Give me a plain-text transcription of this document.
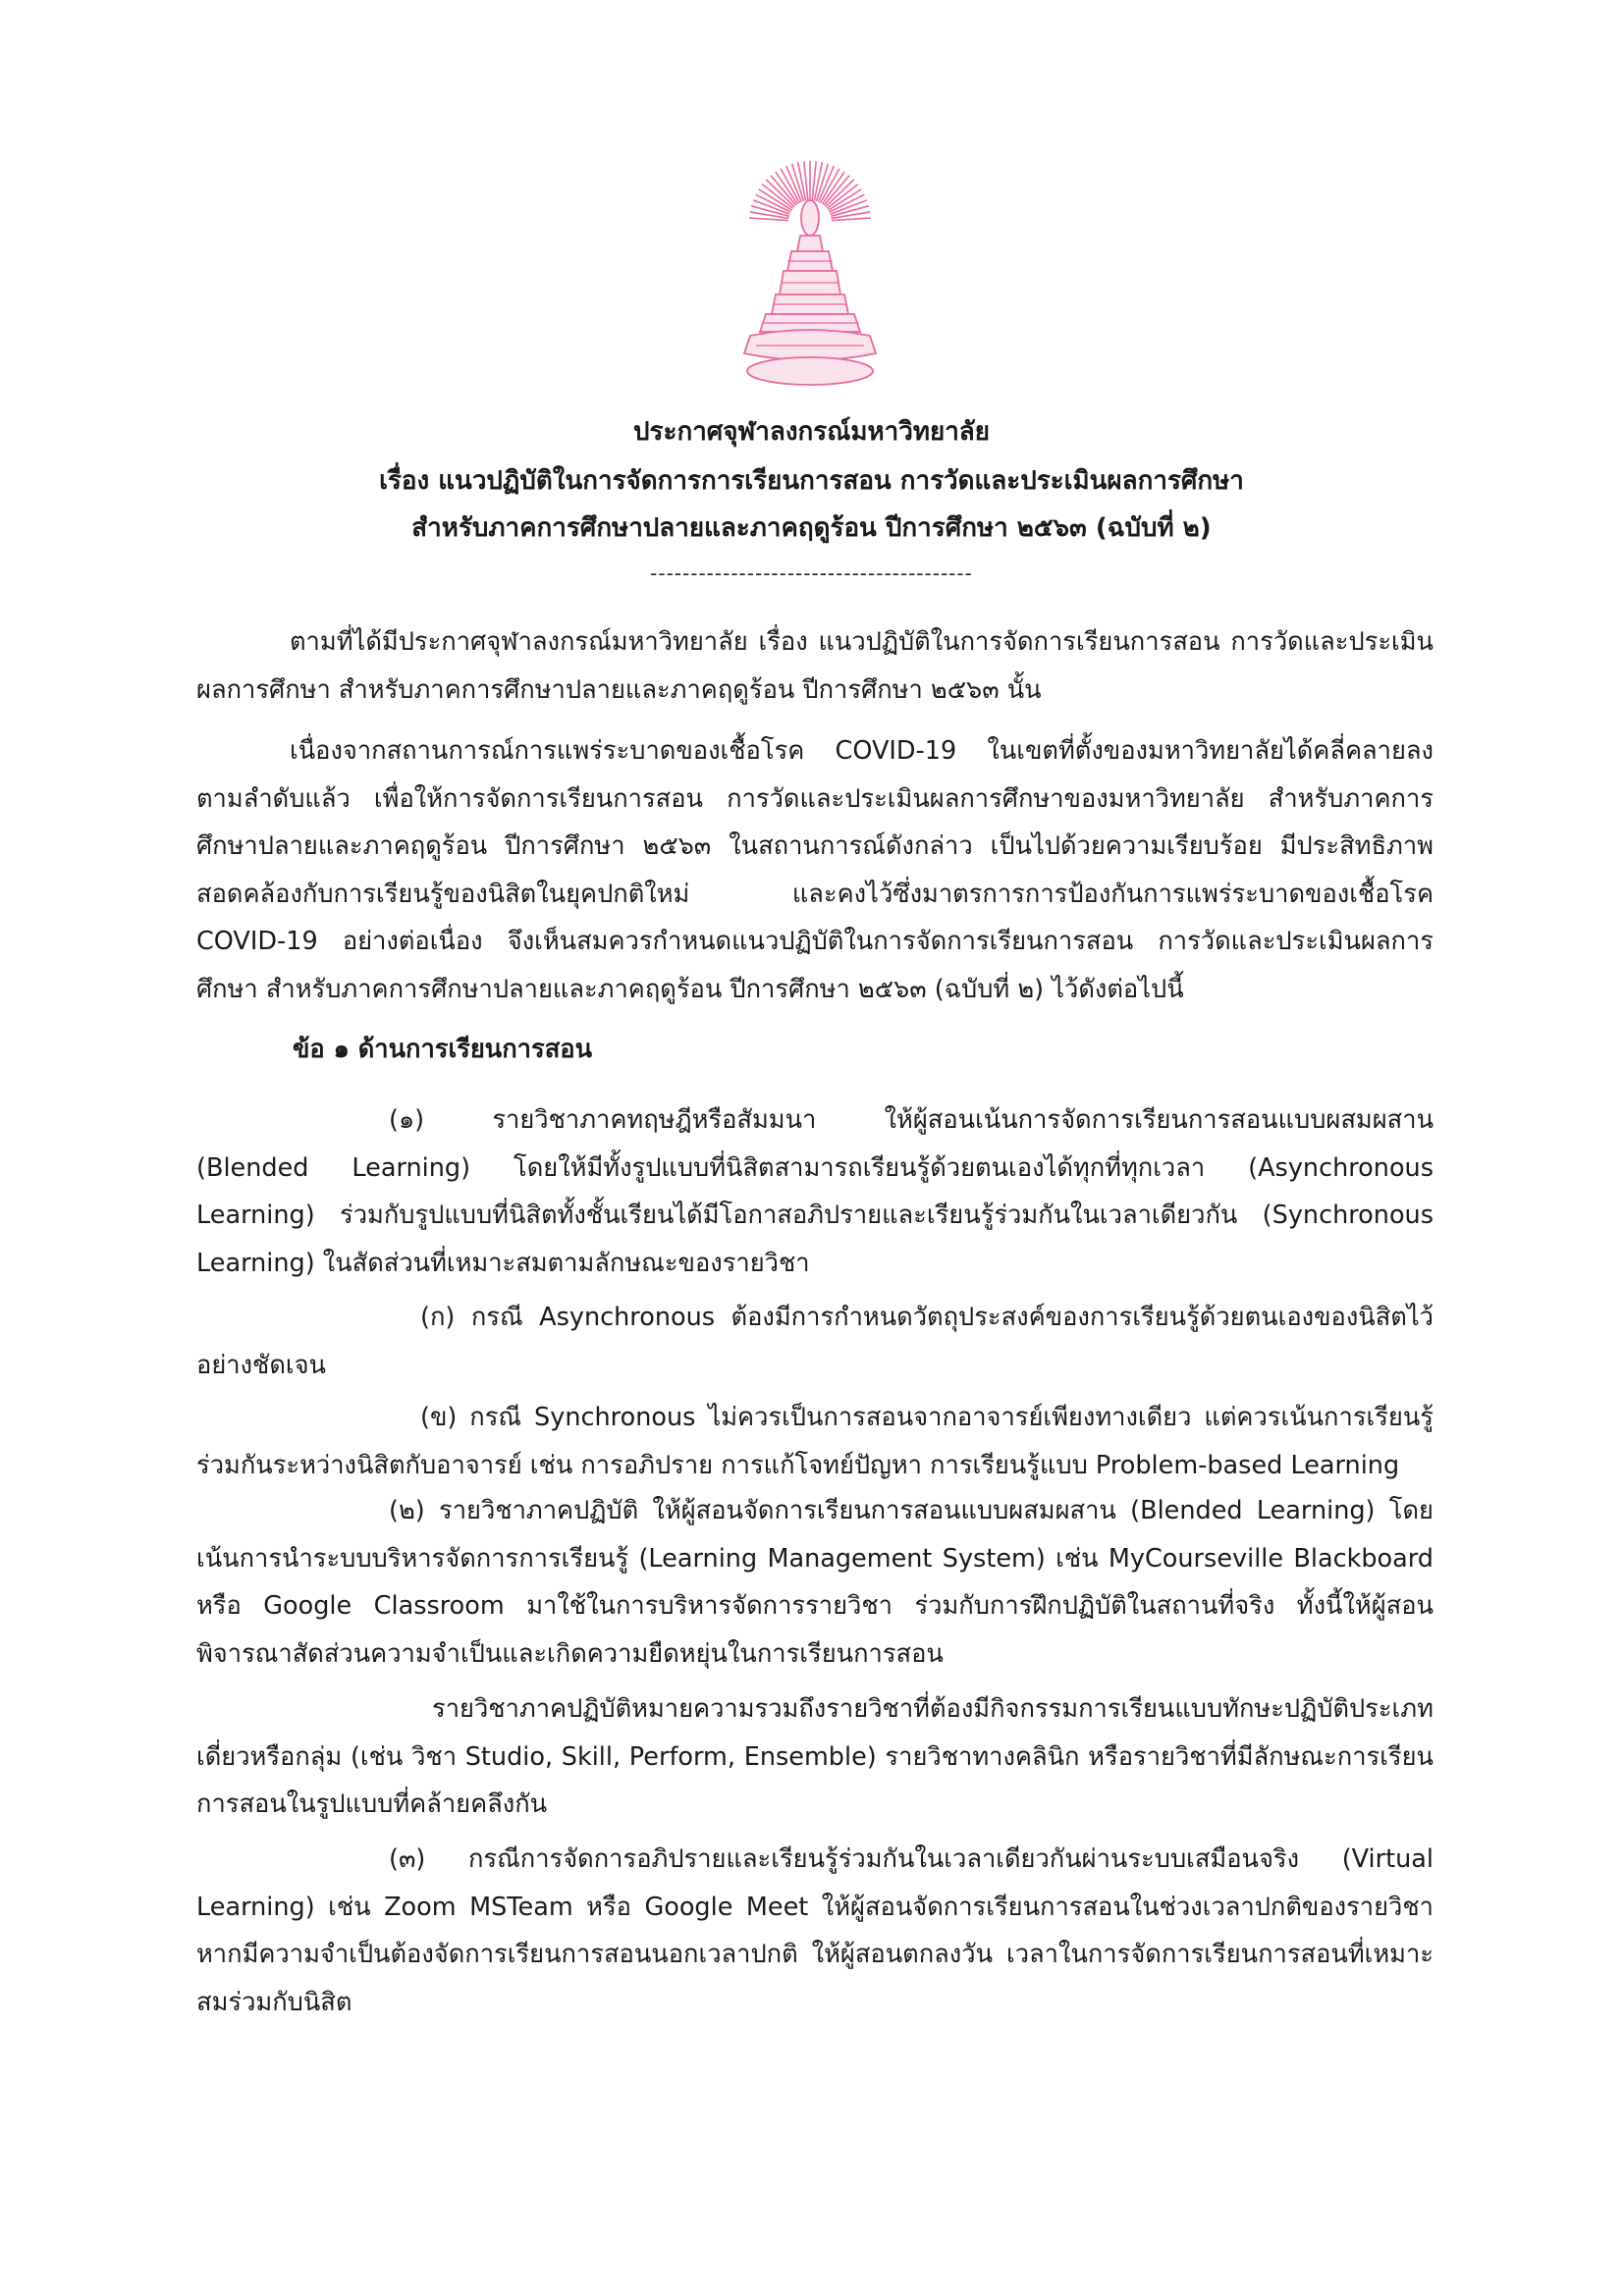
ประกาศจุฬาลงกรณ์มหาวิทยาลัย
เรื่อง แนวปฏิบัติในการจัดการการเรียนการสอน การวัดและประเมินผลการศึกษา
สำหรับภาคการศึกษาปลายและภาคฤดูร้อน ปีการศึกษา ๒๕๖๓ (ฉบับที่ ๒)
----------------------------------------

ตามที่ได้มีประกาศจุฬาลงกรณ์มหาวิทยาลัย เรื่อง แนวปฏิบัติในการจัดการเรียนการสอน การวัดและประเมินผลการศึกษา สำหรับภาคการศึกษาปลายและภาคฤดูร้อน ปีการศึกษา ๒๕๖๓ นั้น

เนื่องจากสถานการณ์การแพร่ระบาดของเชื้อโรค COVID-19 ในเขตที่ตั้งของมหาวิทยาลัยได้คลี่คลายลงตามลำดับแล้ว เพื่อให้การจัดการเรียนการสอน การวัดและประเมินผลการศึกษาของมหาวิทยาลัย สำหรับภาคการศึกษาปลายและภาคฤดูร้อน ปีการศึกษา ๒๕๖๓ ในสถานการณ์ดังกล่าว เป็นไปด้วยความเรียบร้อย มีประสิทธิภาพ สอดคล้องกับการเรียนรู้ของนิสิตในยุคปกติใหม่ และคงไว้ซึ่งมาตรการการป้องกันการแพร่ระบาดของเชื้อโรค COVID-19 อย่างต่อเนื่อง จึงเห็นสมควรกำหนดแนวปฏิบัติในการจัดการเรียนการสอน การวัดและประเมินผลการศึกษา สำหรับภาคการศึกษาปลายและภาคฤดูร้อน ปีการศึกษา ๒๕๖๓ (ฉบับที่ ๒) ไว้ดังต่อไปนี้

ข้อ ๑ ด้านการเรียนการสอน

(๑) รายวิชาภาคทฤษฎีหรือสัมมนา ให้ผู้สอนเน้นการจัดการเรียนการสอนแบบผสมผสาน (Blended Learning) โดยให้มีทั้งรูปแบบที่นิสิตสามารถเรียนรู้ด้วยตนเองได้ทุกที่ทุกเวลา (Asynchronous Learning) ร่วมกับรูปแบบที่นิสิตทั้งชั้นเรียนได้มีโอกาสอภิปรายและเรียนรู้ร่วมกันในเวลาเดียวกัน (Synchronous Learning) ในสัดส่วนที่เหมาะสมตามลักษณะของรายวิชา

(ก) กรณี Asynchronous ต้องมีการกำหนดวัตถุประสงค์ของการเรียนรู้ด้วยตนเองของนิสิตไว้อย่างชัดเจน

(ข) กรณี Synchronous ไม่ควรเป็นการสอนจากอาจารย์เพียงทางเดียว แต่ควรเน้นการเรียนรู้ร่วมกันระหว่างนิสิตกับอาจารย์ เช่น การอภิปราย การแก้โจทย์ปัญหา การเรียนรู้แบบ Problem-based Learning

(๒) รายวิชาภาคปฏิบัติ ให้ผู้สอนจัดการเรียนการสอนแบบผสมผสาน (Blended Learning) โดยเน้นการนำระบบบริหารจัดการการเรียนรู้ (Learning Management System) เช่น MyCourseville Blackboard หรือ Google Classroom มาใช้ในการบริหารจัดการรายวิชา ร่วมกับการฝึกปฏิบัติในสถานที่จริง ทั้งนี้ให้ผู้สอนพิจารณาสัดส่วนความจำเป็นและเกิดความยืดหยุ่นในการเรียนการสอน

รายวิชาภาคปฏิบัติหมายความรวมถึงรายวิชาที่ต้องมีกิจกรรมการเรียนแบบทักษะปฏิบัติประเภทเดี่ยวหรือกลุ่ม (เช่น วิชา Studio, Skill, Perform, Ensemble) รายวิชาทางคลินิก หรือรายวิชาที่มีลักษณะการเรียนการสอนในรูปแบบที่คล้ายคลึงกัน

(๓) กรณีการจัดการอภิปรายและเรียนรู้ร่วมกันในเวลาเดียวกันผ่านระบบเสมือนจริง (Virtual Learning) เช่น Zoom MSTeam หรือ Google Meet ให้ผู้สอนจัดการเรียนการสอนในช่วงเวลาปกติของรายวิชา หากมีความจำเป็นต้องจัดการเรียนการสอนนอกเวลาปกติ ให้ผู้สอนตกลงวัน เวลาในการจัดการเรียนการสอนที่เหมาะสมร่วมกับนิสิต
